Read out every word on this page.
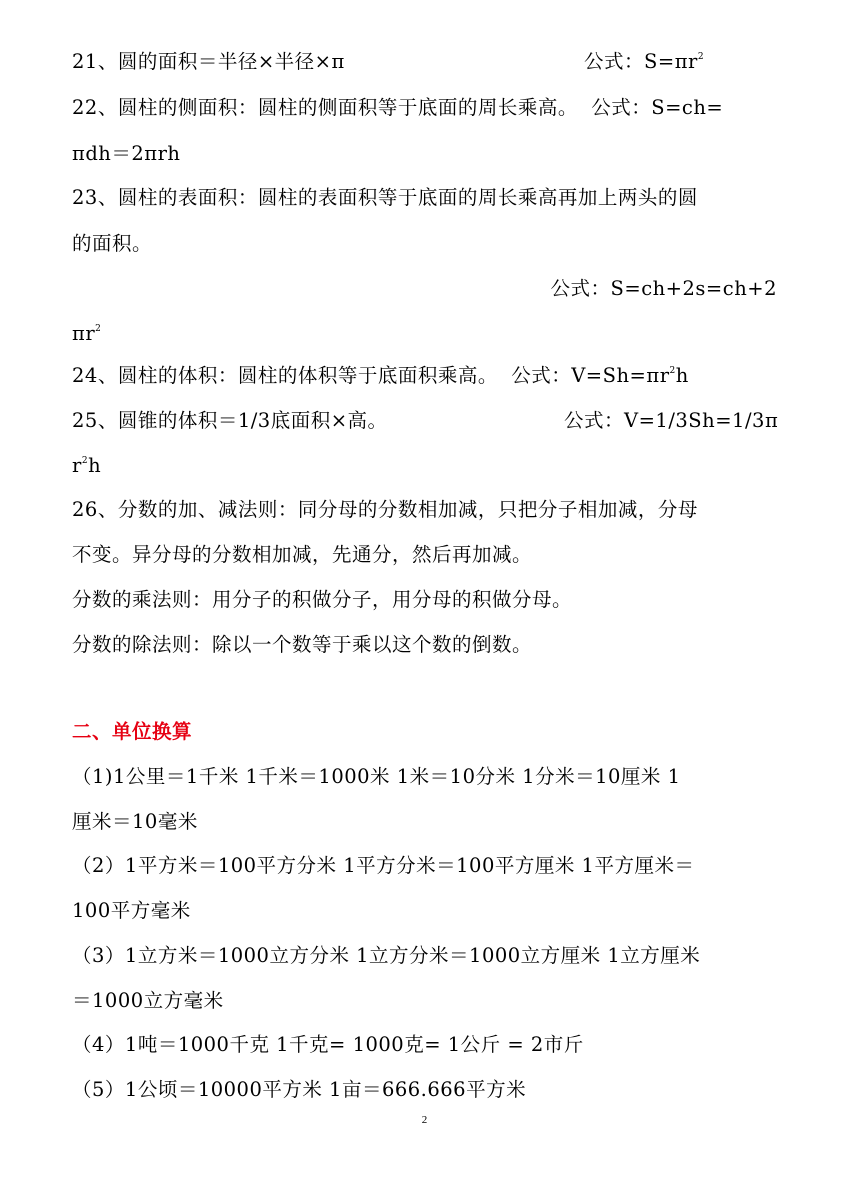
21、圆的面积＝半径×半径×π	公式：$S=\pi r^2$
22、圆柱的侧面积：圆柱的侧面积等于底面的周长乘高。  公式：S=ch=
πdh＝2πrh
23、圆柱的表面积：圆柱的表面积等于底面的周长乘高再加上两头的圆
的面积。
公式：S=ch+2s=ch+2
$\pi r^2$
24、圆柱的体积：圆柱的体积等于底面积乘高。  公式：$V=Sh=\pi r^2h$
25、圆锥的体积＝1/3底面积×高。	公式：V=1/3Sh=1/3π
$r^2h$
26、分数的加、减法则：同分母的分数相加减，只把分子相加减，分母
不变。异分母的分数相加减，先通分，然后再加减。
分数的乘法则：用分子的积做分子，用分母的积做分母。
分数的除法则：除以一个数等于乘以这个数的倒数。
二、单位换算
（1)1公里＝1千米 1千米＝1000米 1米＝10分米 1分米＝10厘米 1
厘米＝10毫米
（2）1平方米＝100平方分米 1平方分米＝100平方厘米 1平方厘米＝
100平方毫米
（3）1立方米＝1000立方分米 1立方分米＝1000立方厘米 1立方厘米
＝1000立方毫米
（4）1吨＝1000千克 1千克= 1000克= 1公斤 = 2市斤
（5）1公顷＝10000平方米 1亩＝666.666平方米
2
